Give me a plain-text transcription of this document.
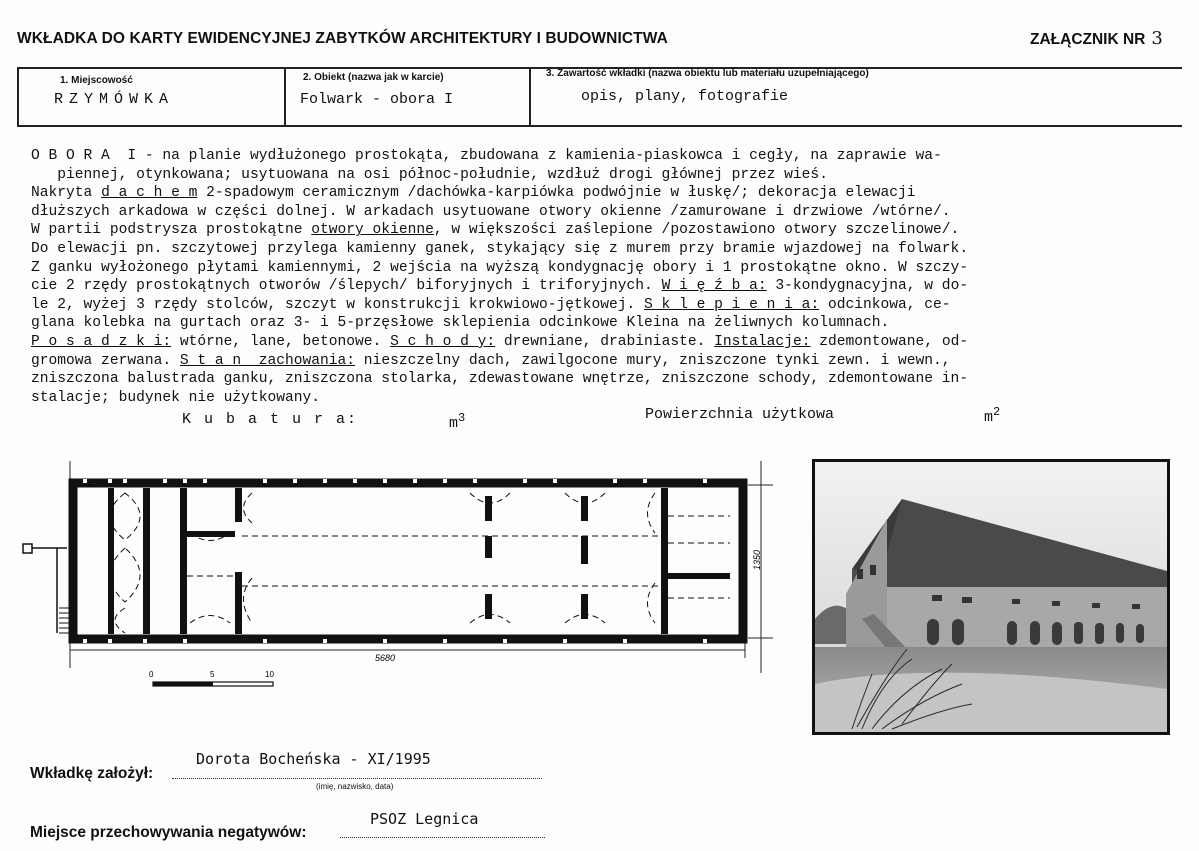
WKŁADKA DO KARTY EWIDENCYJNEJ ZABYTKÓW ARCHITEKTURY I BUDOWNICTWA	ZAŁĄCZNIK NR 3
1. Miejscowość
RZYMÓWKA
2. Obiekt (nazwa jak w karcie)
Folwark - obora I
3. Zawartość wkładki (nazwa obiektu lub materiału uzupełniającego)
opis, plany, fotografie
O B O R A  I - na planie wydłużonego prostokąta, zbudowana z kamienia-piaskowca i cegły, na zaprawie wa-
piennej, otynkowana; usytuowana na osi północ-południe, wzdłuż drogi głównej przez wieś.
Nakryta d a c h e m 2-spadowym ceramicznym /dachówka-karpiówka podwójnie w łuskę/; dekoracja elewacji
dłuższych arkadowa w części dolnej. W arkadach usytuowane otwory okienne /zamurowane i drzwiowe /wtórne/.
W partii podstrysza prostokątne otwory okienne, w większości zaślepione /pozostawiono otwory szczelinowe/.
Do elewacji pn. szczytowej przylega kamienny ganek, stykający się z murem przy bramie wjazdowej na folwark.
Z ganku wyłożonego płytami kamiennymi, 2 wejścia na wyższą kondygnację obory i 1 prostokątne okno. W szczy-
cie 2 rzędy prostokątnych otworów /ślepych/ biforyjnych i triforyjnych. W i ę ź b a: 3-kondygnacyjna, w do-
le 2, wyżej 3 rzędy stolców, szczyt w konstrukcji krokwiowo-jętkowej. S k l e p i e n i a: odcinkowa, ce-
glana kolebka na gurtach oraz 3- i 5-przęsłowe sklepienia odcinkowe Kleina na żeliwnych kolumnach.
P o s a d z k i: wtórne, lane, betonowe. S c h o d y: drewniane, drabiniaste. Instalacje: zdemontowane, od-
gromowa zerwana. S t a n  zachowania: nieszczelny dach, zawilgocone mury, zniszczone tynki zewn. i wewn.,
zniszczona balustrada ganku, zniszczona stolarka, zdewastowane wnętrze, zniszczone schody, zdemontowane in-
stalacje; budynek nie użytkowany.
K u b a t u r a:	$m^3$	Powierzchnia użytkowa	$m^2$
5680
1350
0	5	10
Dorota Bocheńska - XI/1995
Wkładkę założył:
(imię, nazwisko, data)
PSOZ Legnica
Miejsce przechowywania negatywów:
